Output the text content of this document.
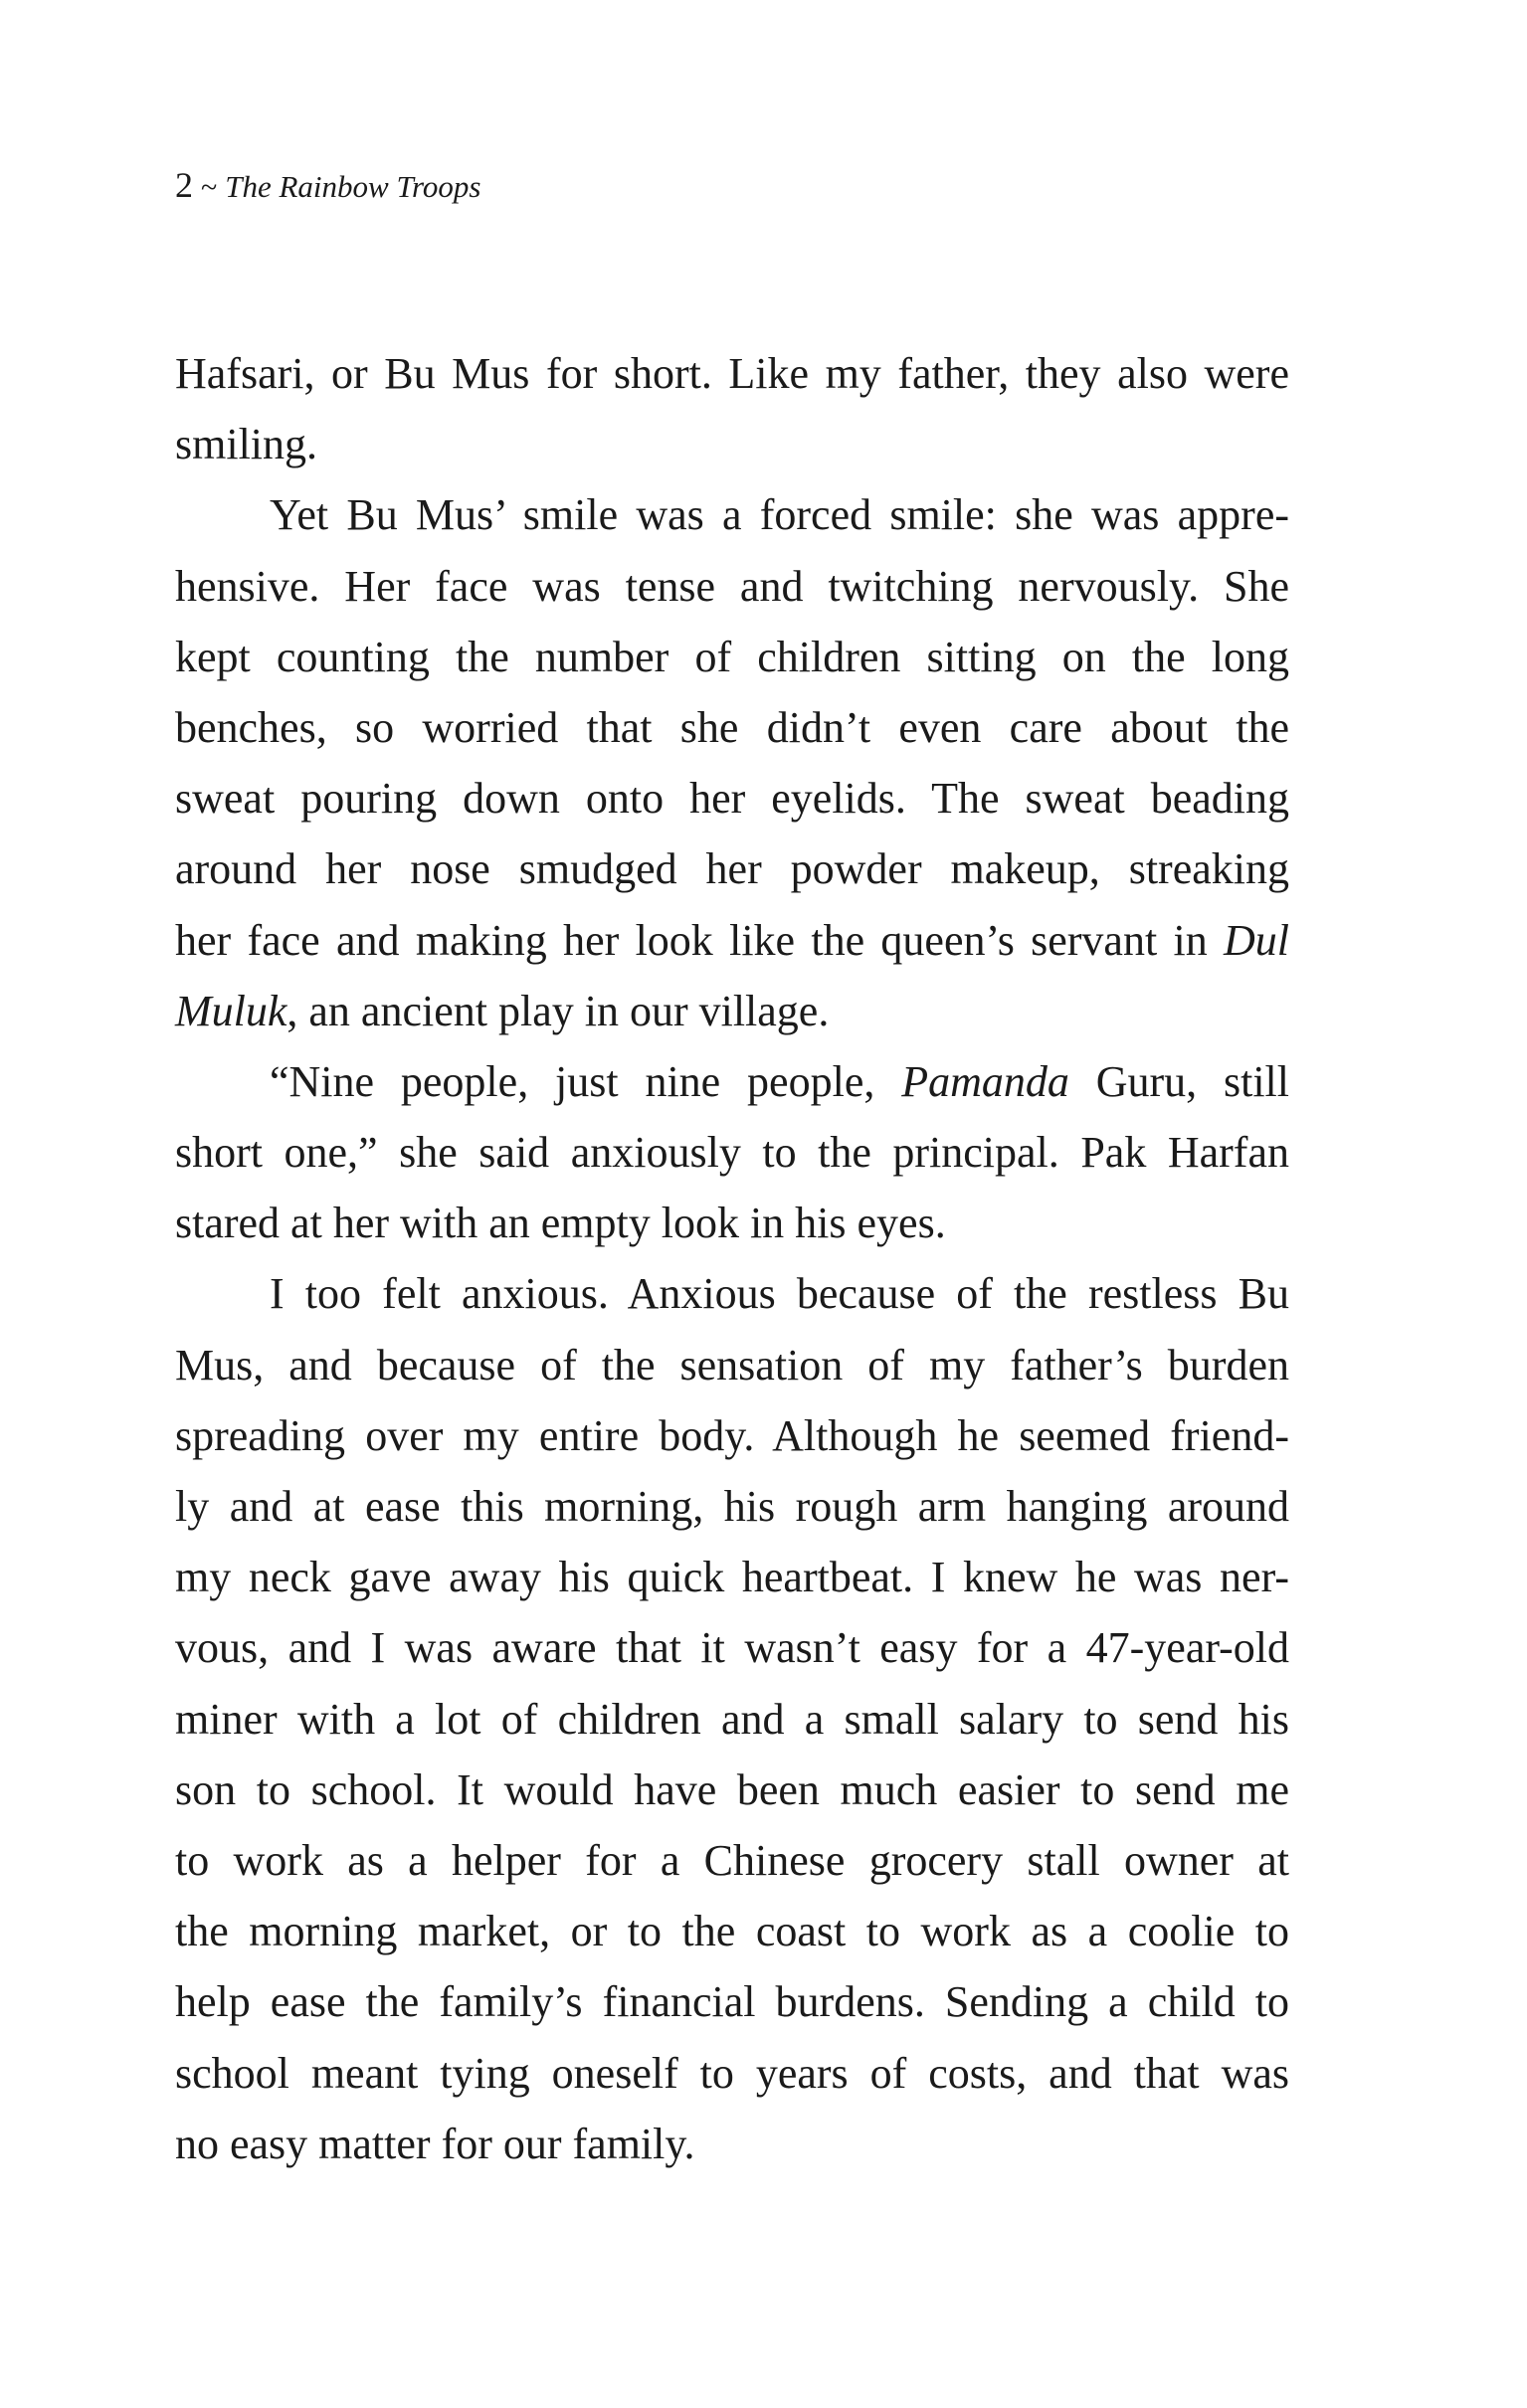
2 ~ The Rainbow Troops
Hafsari, or Bu Mus for short. Like my father, they also were
smiling.
Yet Bu Mus’ smile was a forced smile: she was appre-
hensive. Her face was tense and twitching nervously. She
kept counting the number of children sitting on the long
benches, so worried that she didn’t even care about the
sweat pouring down onto her eyelids. The sweat beading
around her nose smudged her powder makeup, streaking
her face and making her look like the queen’s servant in Dul
Muluk, an ancient play in our village.
“Nine people, just nine people, Pamanda Guru, still
short one,” she said anxiously to the principal. Pak Harfan
stared at her with an empty look in his eyes.
I too felt anxious. Anxious because of the restless Bu
Mus, and because of the sensation of my father’s burden
spreading over my entire body. Although he seemed friend-
ly and at ease this morning, his rough arm hanging around
my neck gave away his quick heartbeat. I knew he was ner-
vous, and I was aware that it wasn’t easy for a 47-year-old
miner with a lot of children and a small salary to send his
son to school. It would have been much easier to send me
to work as a helper for a Chinese grocery stall owner at
the morning market, or to the coast to work as a coolie to
help ease the family’s financial burdens. Sending a child to
school meant tying oneself to years of costs, and that was
no easy matter for our family.
